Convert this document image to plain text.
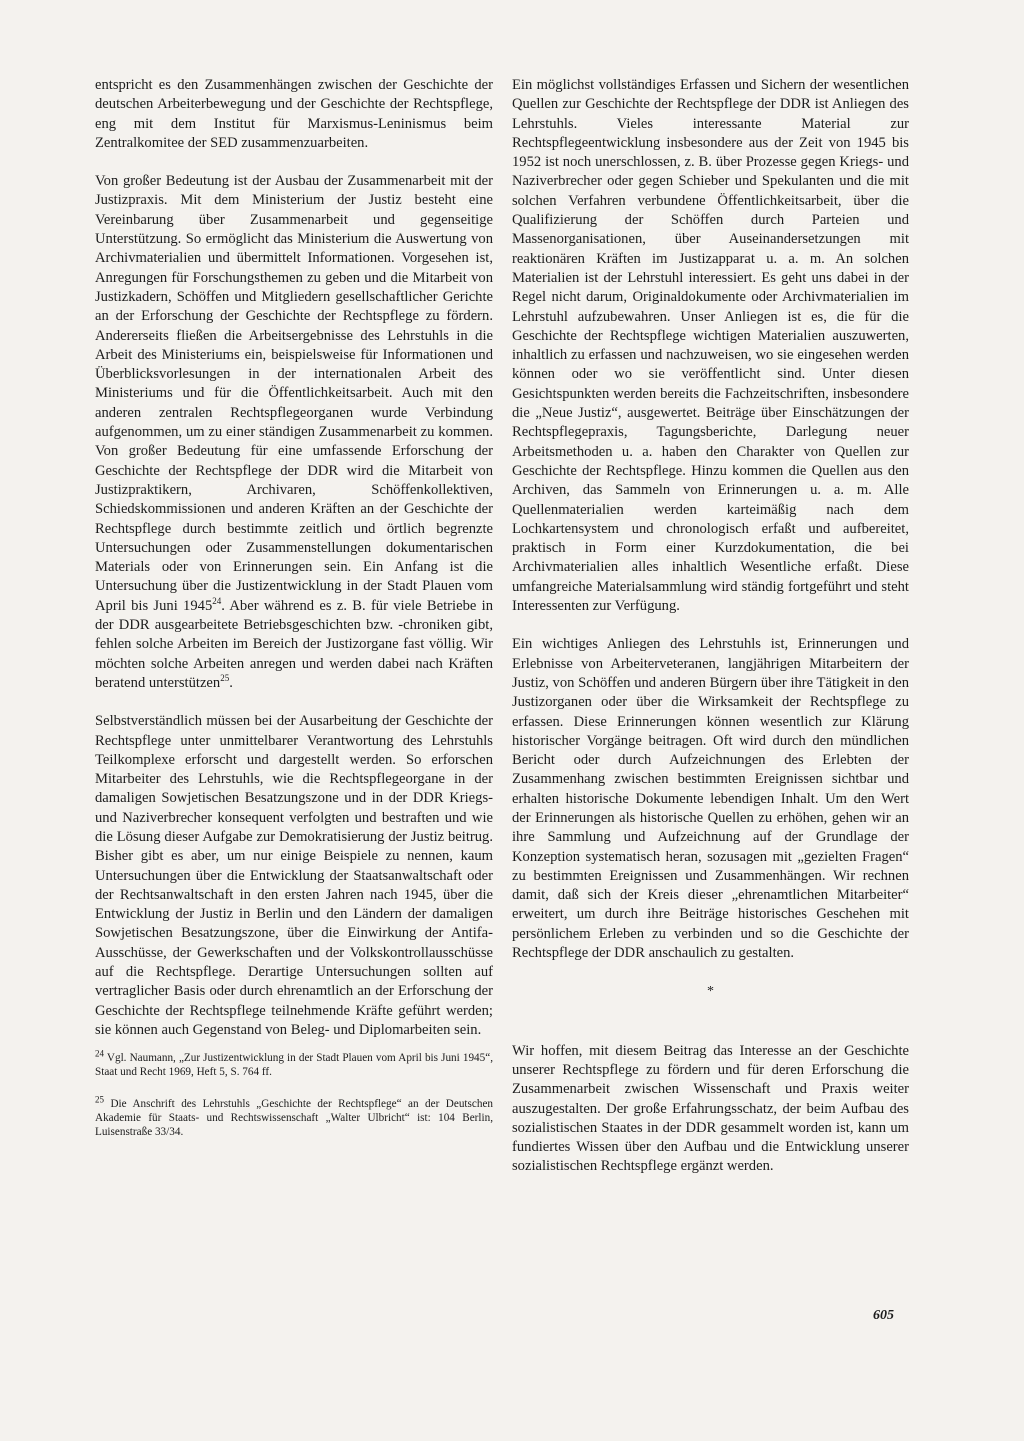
entspricht es den Zusammenhängen zwischen der Geschichte der deutschen Arbeiterbewegung und der Geschichte der Rechtspflege, eng mit dem Institut für Marxismus-Leninismus beim Zentralkomitee der SED zusammenzuarbeiten.

Von großer Bedeutung ist der Ausbau der Zusammenarbeit mit der Justizpraxis. Mit dem Ministerium der Justiz besteht eine Vereinbarung über Zusammenarbeit und gegenseitige Unterstützung. So ermöglicht das Ministerium die Auswertung von Archivmaterialien und übermittelt Informationen. Vorgesehen ist, Anregungen für Forschungsthemen zu geben und die Mitarbeit von Justizkadern, Schöffen und Mitgliedern gesellschaftlicher Gerichte an der Erforschung der Geschichte der Rechtspflege zu fördern. Andererseits fließen die Arbeitsergebnisse des Lehrstuhls in die Arbeit des Ministeriums ein, beispielsweise für Informationen und Überblicksvorlesungen in der internationalen Arbeit des Ministeriums und für die Öffentlichkeitsarbeit. Auch mit den anderen zentralen Rechtspflegeorganen wurde Verbindung aufgenommen, um zu einer ständigen Zusammenarbeit zu kommen. Von großer Bedeutung für eine umfassende Erforschung der Geschichte der Rechtspflege der DDR wird die Mitarbeit von Justizpraktikern, Archivaren, Schöffenkollektiven, Schiedskommissionen und anderen Kräften an der Geschichte der Rechtspflege durch bestimmte zeitlich und örtlich begrenzte Untersuchungen oder Zusammenstellungen dokumentarischen Materials oder von Erinnerungen sein. Ein Anfang ist die Untersuchung über die Justizentwicklung in der Stadt Plauen vom April bis Juni 1945$^{24}$. Aber während es z. B. für viele Betriebe in der DDR ausgearbeitete Betriebsgeschichten bzw. -chroniken gibt, fehlen solche Arbeiten im Bereich der Justizorgane fast völlig. Wir möchten solche Arbeiten anregen und werden dabei nach Kräften beratend unterstützen$^{25}$.

Selbstverständlich müssen bei der Ausarbeitung der Geschichte der Rechtspflege unter unmittelbarer Verantwortung des Lehrstuhls Teilkomplexe erforscht und dargestellt werden. So erforschen Mitarbeiter des Lehrstuhls, wie die Rechtspflegeorgane in der damaligen Sowjetischen Besatzungszone und in der DDR Kriegs- und Naziverbrecher konsequent verfolgten und bestraften und wie die Lösung dieser Aufgabe zur Demokratisierung der Justiz beitrug. Bisher gibt es aber, um nur einige Beispiele zu nennen, kaum Untersuchungen über die Entwicklung der Staatsanwaltschaft oder der Rechtsanwaltschaft in den ersten Jahren nach 1945, über die Entwicklung der Justiz in Berlin und den Ländern der damaligen Sowjetischen Besatzungszone, über die Einwirkung der Antifa-Ausschüsse, der Gewerkschaften und der Volkskontrollausschüsse auf die Rechtspflege. Derartige Untersuchungen sollten auf vertraglicher Basis oder durch ehrenamtlich an der Erforschung der Geschichte der Rechtspflege teilnehmende Kräfte geführt werden; sie können auch Gegenstand von Beleg- und Diplomarbeiten sein.

$^{24}$ Vgl. Naumann, „Zur Justizentwicklung in der Stadt Plauen vom April bis Juni 1945“, Staat und Recht 1969, Heft 5, S. 764 ff.

$^{25}$ Die Anschrift des Lehrstuhls „Geschichte der Rechtspflege“ an der Deutschen Akademie für Staats- und Rechtswissenschaft „Walter Ulbricht“ ist: 104 Berlin, Luisenstraße 33/34.

Ein möglichst vollständiges Erfassen und Sichern der wesentlichen Quellen zur Geschichte der Rechtspflege der DDR ist Anliegen des Lehrstuhls. Vieles interessante Material zur Rechtspflegeentwicklung insbesondere aus der Zeit von 1945 bis 1952 ist noch unerschlossen, z. B. über Prozesse gegen Kriegs- und Naziverbrecher oder gegen Schieber und Spekulanten und die mit solchen Verfahren verbundene Öffentlichkeitsarbeit, über die Qualifizierung der Schöffen durch Parteien und Massenorganisationen, über Auseinandersetzungen mit reaktionären Kräften im Justizapparat u. a. m. An solchen Materialien ist der Lehrstuhl interessiert. Es geht uns dabei in der Regel nicht darum, Originaldokumente oder Archivmaterialien im Lehrstuhl aufzubewahren. Unser Anliegen ist es, die für die Geschichte der Rechtspflege wichtigen Materialien auszuwerten, inhaltlich zu erfassen und nachzuweisen, wo sie eingesehen werden können oder wo sie veröffentlicht sind. Unter diesen Gesichtspunkten werden bereits die Fachzeitschriften, insbesondere die „Neue Justiz“, ausgewertet. Beiträge über Einschätzungen der Rechtspflegepraxis, Tagungsberichte, Darlegung neuer Arbeitsmethoden u. a. haben den Charakter von Quellen zur Geschichte der Rechtspflege. Hinzu kommen die Quellen aus den Archiven, das Sammeln von Erinnerungen u. a. m. Alle Quellenmaterialien werden karteimäßig nach dem Lochkartensystem und chronologisch erfaßt und aufbereitet, praktisch in Form einer Kurzdokumentation, die bei Archivmaterialien alles inhaltlich Wesentliche erfaßt. Diese umfangreiche Materialsammlung wird ständig fortgeführt und steht Interessenten zur Verfügung.

Ein wichtiges Anliegen des Lehrstuhls ist, Erinnerungen und Erlebnisse von Arbeiterveteranen, langjährigen Mitarbeitern der Justiz, von Schöffen und anderen Bürgern über ihre Tätigkeit in den Justizorganen oder über die Wirksamkeit der Rechtspflege zu erfassen. Diese Erinnerungen können wesentlich zur Klärung historischer Vorgänge beitragen. Oft wird durch den mündlichen Bericht oder durch Aufzeichnungen des Erlebten der Zusammenhang zwischen bestimmten Ereignissen sichtbar und erhalten historische Dokumente lebendigen Inhalt. Um den Wert der Erinnerungen als historische Quellen zu erhöhen, gehen wir an ihre Sammlung und Aufzeichnung auf der Grundlage der Konzeption systematisch heran, sozusagen mit „gezielten Fragen“ zu bestimmten Ereignissen und Zusammenhängen. Wir rechnen damit, daß sich der Kreis dieser „ehrenamtlichen Mitarbeiter“ erweitert, um durch ihre Beiträge historisches Geschehen mit persönlichem Erleben zu verbinden und so die Geschichte der Rechtspflege der DDR anschaulich zu gestalten.

*

Wir hoffen, mit diesem Beitrag das Interesse an der Geschichte unserer Rechtspflege zu fördern und für deren Erforschung die Zusammenarbeit zwischen Wissenschaft und Praxis weiter auszugestalten. Der große Erfahrungsschatz, der beim Aufbau des sozialistischen Staates in der DDR gesammelt worden ist, kann um fundiertes Wissen über den Aufbau und die Entwicklung unserer sozialistischen Rechtspflege ergänzt werden.

605
